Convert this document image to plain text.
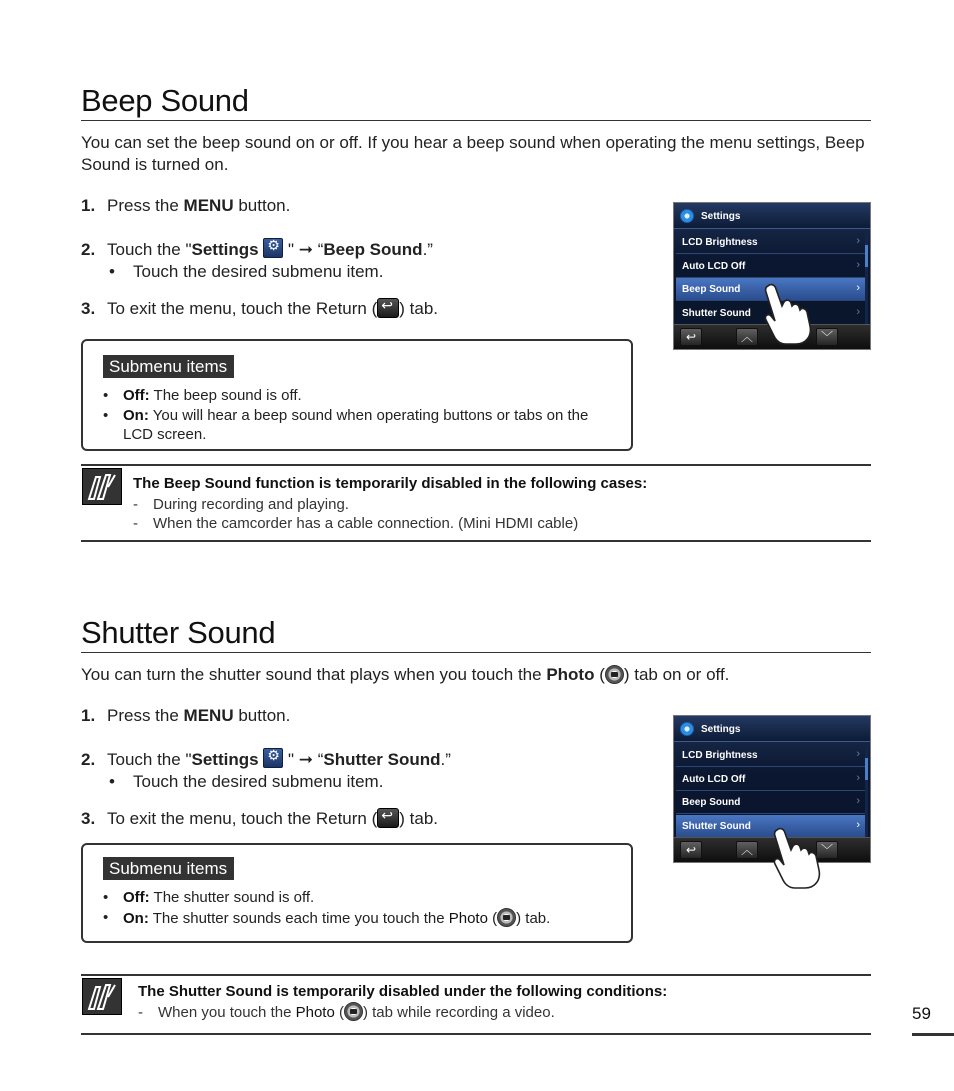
Beep Sound
You can set the beep sound on or off. If you hear a beep sound when operating the menu settings, Beep Sound is turned on.
1. Press the MENU button.
2. Touch the "Settings ⚙ " ➞ “Beep Sound.”
• Touch the desired submenu item.
3. To exit the menu, touch the Return ( ↩ ) tab.
Submenu items
• Off: The beep sound is off.
• On: You will hear a beep sound when operating buttons or tabs on the LCD screen.
The Beep Sound function is temporarily disabled in the following cases:
- During recording and playing.
- When the camcorder has a cable connection. (Mini HDMI cable)
Settings
LCD Brightness	›
Auto LCD Off	›
Beep Sound	›
Shutter Sound	›
↩	︿	﹀
Shutter Sound
You can turn the shutter sound that plays when you touch the Photo ( ) tab on or off.
1. Press the MENU button.
2. Touch the "Settings ⚙ " ➞ “Shutter Sound.”
• Touch the desired submenu item.
3. To exit the menu, touch the Return ( ↩ ) tab.
Submenu items
• Off: The shutter sound is off.
• On: The shutter sounds each time you touch the Photo ( ) tab.
The Shutter Sound is temporarily disabled under the following conditions:
- When you touch the Photo ( ) tab while recording a video.
Settings
LCD Brightness	›
Auto LCD Off	›
Beep Sound	›
Shutter Sound	›
↩	︿	﹀
59
